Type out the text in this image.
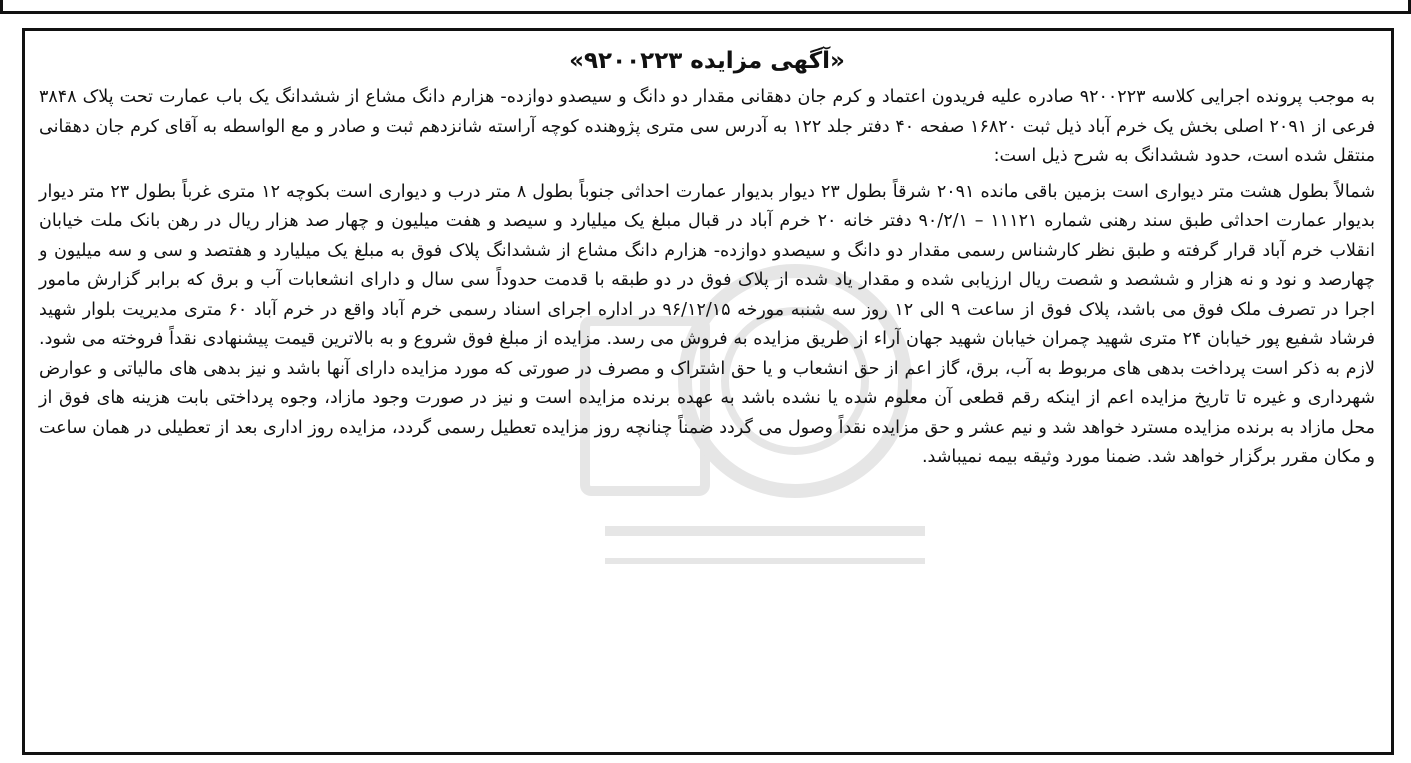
«آگهی مزایده ۹۲۰۰۲۲۳»

به موجب پرونده اجرایی کلاسه ۹۲۰۰۲۲۳ صادره علیه فریدون اعتماد و کرم جان دهقانی مقدار دو دانگ و سیصدو دوازده- هزارم دانگ مشاع از ششدانگ یک باب عمارت تحت پلاک ۳۸۴۸ فرعی از ۲۰۹۱ اصلی بخش یک خرم آباد ذیل ثبت ۱۶۸۲۰ صفحه ۴۰ دفتر جلد ۱۲۲ به آدرس سی متری پژوهنده کوچه آراسته شانزدهم ثبت و صادر و مع الواسطه به آقای کرم جان دهقانی منتقل شده است، حدود ششدانگ به شرح ذیل است:

شمالاً بطول هشت متر دیواری است بزمین باقی مانده ۲۰۹۱ شرقاً بطول ۲۳ دیوار بدیوار عمارت احداثی جنوباً بطول ۸ متر درب و دیواری است بکوچه ۱۲ متری غرباً بطول ۲۳ متر دیوار بدیوار عمارت احداثی طبق سند رهنی شماره ۱۱۱۲۱ – ۹۰/۲/۱ دفتر خانه ۲۰ خرم آباد در قبال مبلغ یک میلیارد و سیصد و هفت میلیون و چهار صد هزار ریال در رهن بانک ملت خیابان انقلاب خرم آباد قرار گرفته و طبق نظر کارشناس رسمی مقدار دو دانگ و سیصدو دوازده- هزارم دانگ مشاع از ششدانگ پلاک فوق به مبلغ یک میلیارد و هفتصد و سی و سه میلیون و چهارصد و نود و نه هزار و ششصد و شصت ریال ارزیابی شده و مقدار یاد شده از پلاک فوق در دو طبقه با قدمت حدوداً سی سال و دارای انشعابات آب و برق که برابر گزارش مامور اجرا در تصرف ملک فوق می باشد، پلاک فوق از ساعت ۹ الی ۱۲ روز سه شنبه مورخه ۹۶/۱۲/۱۵ در اداره اجرای اسناد رسمی خرم آباد واقع در خرم آباد ۶۰ متری مدیریت بلوار شهید فرشاد شفیع پور خیابان ۲۴ متری شهید چمران خیابان شهید جهان آراء از طریق مزایده به فروش می رسد. مزایده از مبلغ فوق شروع و به بالاترین قیمت پیشنهادی نقداً فروخته می شود. لازم به ذکر است پرداخت بدهی های مربوط به آب، برق، گاز اعم از حق انشعاب و یا حق اشتراک و مصرف در صورتی که مورد مزایده دارای آنها باشد و نیز بدهی های مالیاتی و عوارض شهرداری و غیره تا تاریخ مزایده اعم از اینکه رقم قطعی آن معلوم شده یا نشده باشد به عهده برنده مزایده است و نیز در صورت وجود مازاد، وجوه پرداختی بابت هزینه های فوق از محل مازاد به برنده مزایده مسترد خواهد شد و نیم عشر و حق مزایده نقداً وصول می گردد ضمناً چنانچه روز مزایده تعطیل رسمی گردد، مزایده روز اداری بعد از تعطیلی در همان ساعت و مکان مقرر برگزار خواهد شد. ضمنا مورد وثیقه بیمه نمیباشد.
